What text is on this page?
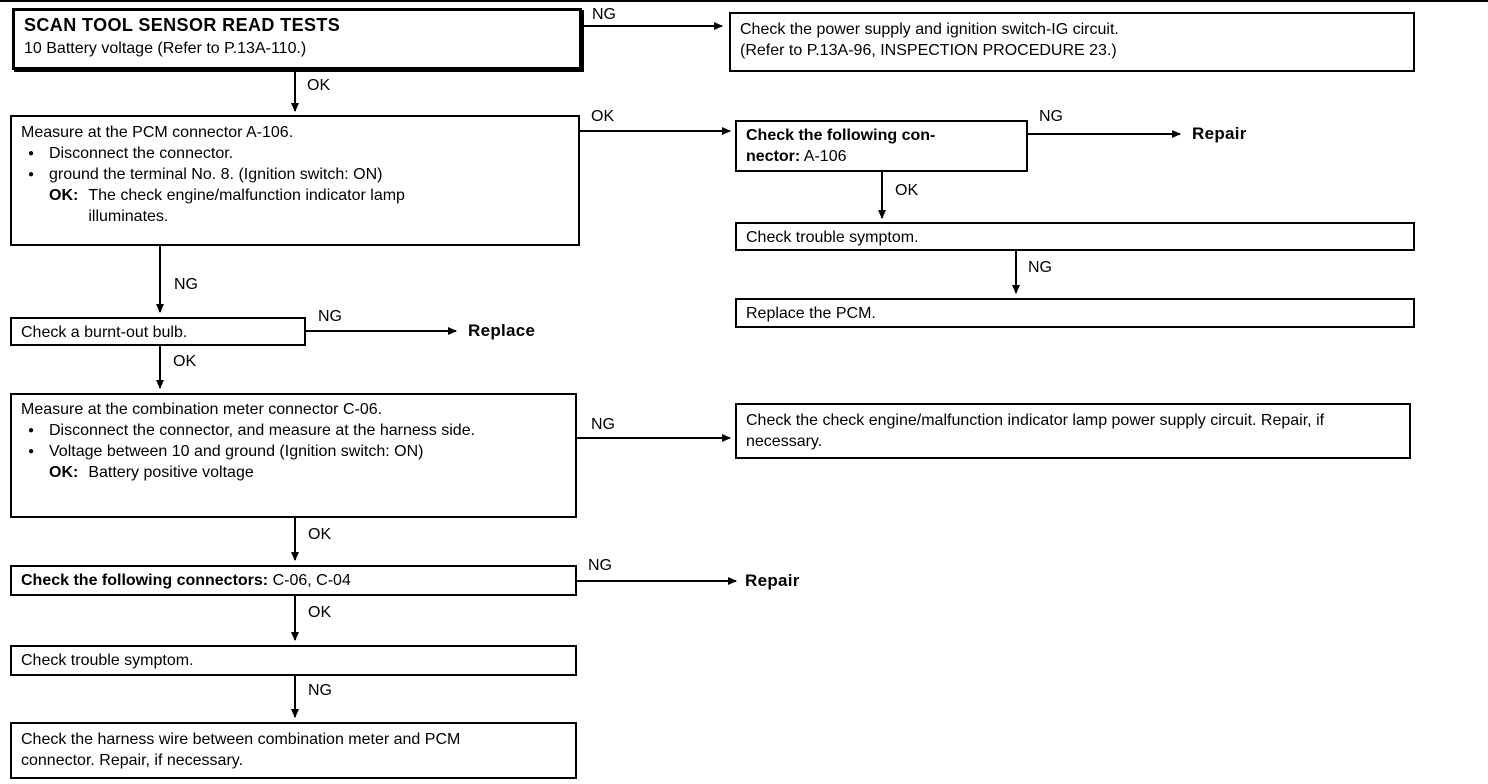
SCAN TOOL SENSOR READ TESTS
10 Battery voltage (Refer to P.13A-110.)
Check the power supply and ignition switch-IG circuit.
(Refer to P.13A-96, INSPECTION PROCEDURE 23.)
Measure at the PCM connector A-106.
● Disconnect the connector.
● ground the terminal No. 8. (Ignition switch: ON)
OK: The check engine/malfunction indicator lamp illuminates.
Check the following con-
nector: A-106
Check trouble symptom.
Replace the PCM.
Check a burnt-out bulb.
Measure at the combination meter connector C-06.
● Disconnect the connector, and measure at the harness side.
● Voltage between 10 and ground (Ignition switch: ON)
OK: Battery positive voltage
Check the check engine/malfunction indicator lamp power supply circuit. Repair, if necessary.
Check the following connectors: C-06, C-04
Check trouble symptom.
Check the harness wire between combination meter and PCM connector. Repair, if necessary.
NG
OK
OK	NG
OK
NG
NG
NG
OK
NG
OK
NG
OK
NG
Repair
Replace
Repair
